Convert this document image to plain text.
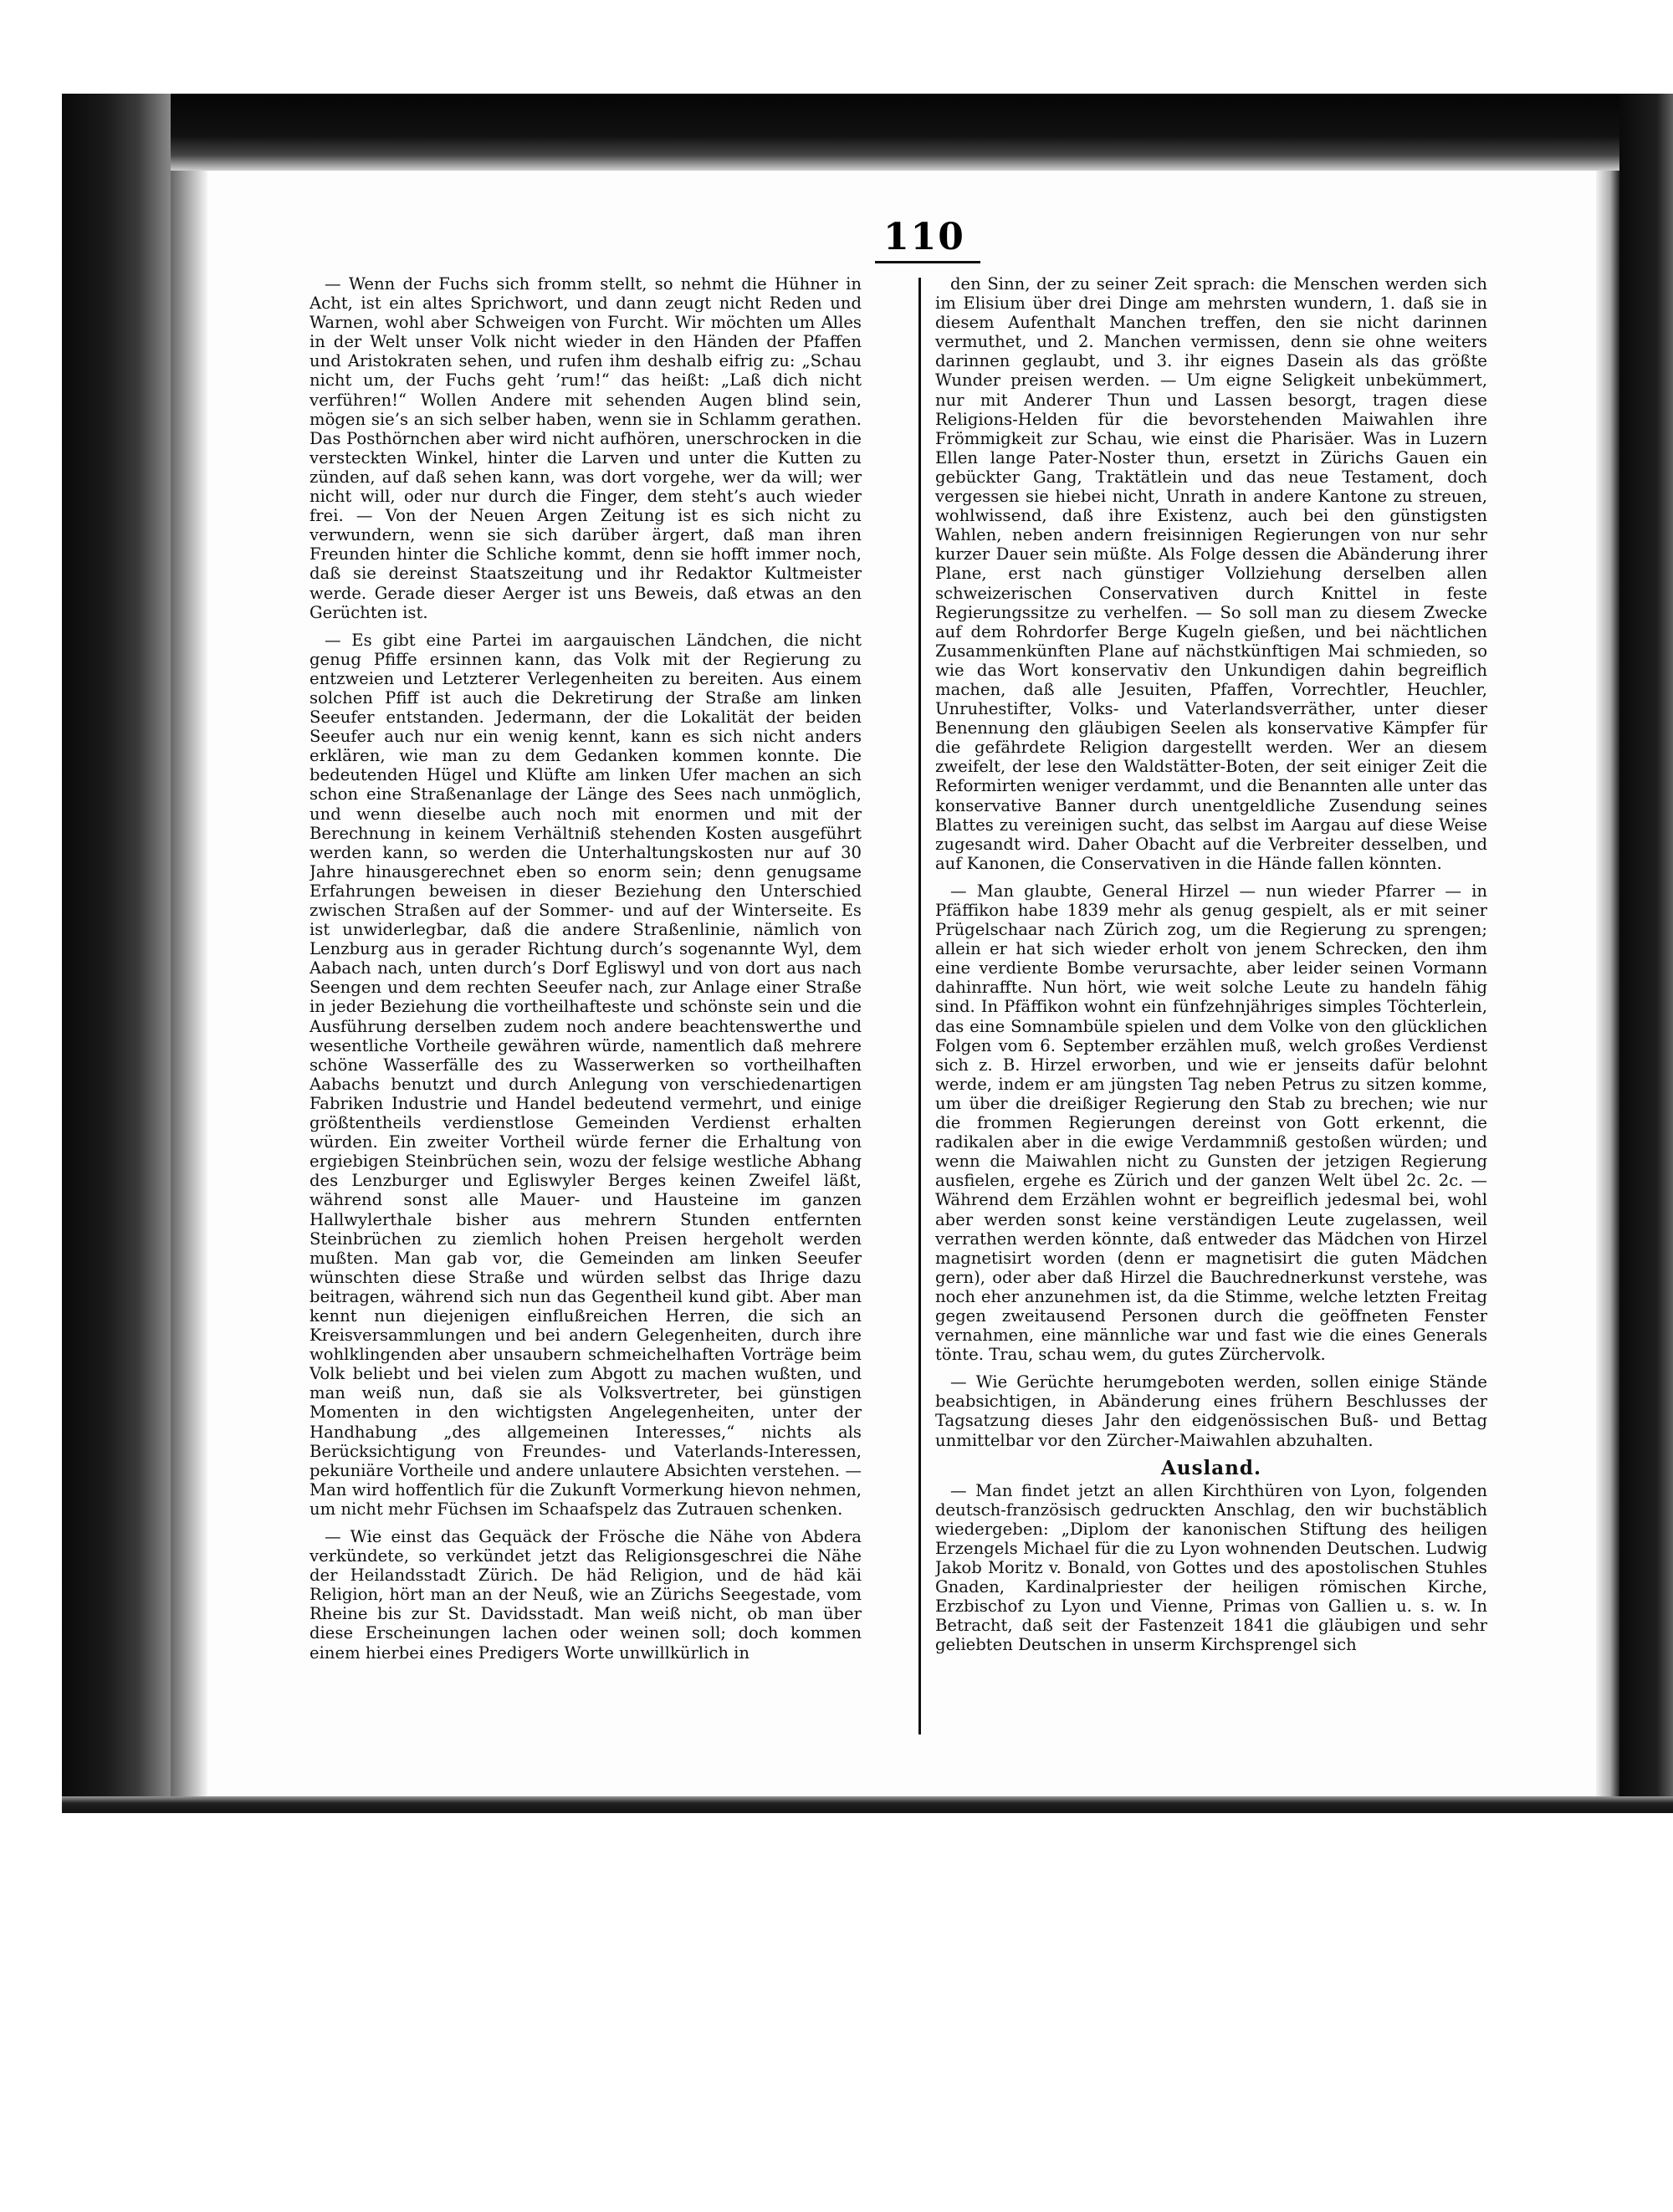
110

— Wenn der Fuchs sich fromm stellt, so nehmt die Hühner in Acht, ist ein altes Sprichwort, und dann zeugt nicht Reden und Warnen, wohl aber Schweigen von Furcht. Wir möchten um Alles in der Welt unser Volk nicht wieder in den Händen der Pfaffen und Aristokraten sehen, und rufen ihm deshalb eifrig zu: „Schau nicht um, der Fuchs geht ’rum!“ das heißt: „Laß dich nicht verführen!“ Wollen Andere mit sehenden Augen blind sein, mögen sie’s an sich selber haben, wenn sie in Schlamm gerathen. Das Posthörnchen aber wird nicht aufhören, unerschrocken in die versteckten Winkel, hinter die Larven und unter die Kutten zu zünden, auf daß sehen kann, was dort vorgehe, wer da will; wer nicht will, oder nur durch die Finger, dem steht’s auch wieder frei. — Von der Neuen Argen Zeitung ist es sich nicht zu verwundern, wenn sie sich darüber ärgert, daß man ihren Freunden hinter die Schliche kommt, denn sie hofft immer noch, daß sie dereinst Staatszeitung und ihr Redaktor Kultmeister werde. Gerade dieser Aerger ist uns Beweis, daß etwas an den Gerüchten ist.

— Es gibt eine Partei im aargauischen Ländchen, die nicht genug Pfiffe ersinnen kann, das Volk mit der Regierung zu entzweien und Letzterer Verlegenheiten zu bereiten. Aus einem solchen Pfiff ist auch die Dekretirung der Straße am linken Seeufer entstanden. Jedermann, der die Lokalität der beiden Seeufer auch nur ein wenig kennt, kann es sich nicht anders erklären, wie man zu dem Gedanken kommen konnte. Die bedeutenden Hügel und Klüfte am linken Ufer machen an sich schon eine Straßenanlage der Länge des Sees nach unmöglich, und wenn dieselbe auch noch mit enormen und mit der Berechnung in keinem Verhältniß stehenden Kosten ausgeführt werden kann, so werden die Unterhaltungskosten nur auf 30 Jahre hinausgerechnet eben so enorm sein; denn genugsame Erfahrungen beweisen in dieser Beziehung den Unterschied zwischen Straßen auf der Sommer- und auf der Winterseite. Es ist unwiderlegbar, daß die andere Straßenlinie, nämlich von Lenzburg aus in gerader Richtung durch’s sogenannte Wyl, dem Aabach nach, unten durch’s Dorf Egliswyl und von dort aus nach Seengen und dem rechten Seeufer nach, zur Anlage einer Straße in jeder Beziehung die vortheilhafteste und schönste sein und die Ausführung derselben zudem noch andere beachtenswerthe und wesentliche Vortheile gewähren würde, namentlich daß mehrere schöne Wasserfälle des zu Wasserwerken so vortheilhaften Aabachs benutzt und durch Anlegung von verschiedenartigen Fabriken Industrie und Handel bedeutend vermehrt, und einige größtentheils verdienstlose Gemeinden Verdienst erhalten würden. Ein zweiter Vortheil würde ferner die Erhaltung von ergiebigen Steinbrüchen sein, wozu der felsige westliche Abhang des Lenzburger und Egliswyler Berges keinen Zweifel läßt, während sonst alle Mauer- und Hausteine im ganzen Hallwylerthale bisher aus mehrern Stunden entfernten Steinbrüchen zu ziemlich hohen Preisen hergeholt werden mußten. Man gab vor, die Gemeinden am linken Seeufer wünschten diese Straße und würden selbst das Ihrige dazu beitragen, während sich nun das Gegentheil kund gibt. Aber man kennt nun diejenigen einflußreichen Herren, die sich an Kreisversammlungen und bei andern Gelegenheiten, durch ihre wohlklingenden aber unsaubern schmeichelhaften Vorträge beim Volk beliebt und bei vielen zum Abgott zu machen wußten, und man weiß nun, daß sie als Volksvertreter, bei günstigen Momenten in den wichtigsten Angelegenheiten, unter der Handhabung „des allgemeinen Interesses,“ nichts als Berücksichtigung von Freundes- und Vaterlands-Interessen, pekuniäre Vortheile und andere unlautere Absichten verstehen. — Man wird hoffentlich für die Zukunft Vormerkung hievon nehmen, um nicht mehr Füchsen im Schaafspelz das Zutrauen schenken.

— Wie einst das Gequäck der Frösche die Nähe von Abdera verkündete, so verkündet jetzt das Religionsgeschrei die Nähe der Heilandsstadt Zürich. De häd Religion, und de häd käi Religion, hört man an der Neuß, wie an Zürichs Seegestade, vom Rheine bis zur St. Davidsstadt. Man weiß nicht, ob man über diese Erscheinungen lachen oder weinen soll; doch kommen einem hierbei eines Predigers Worte unwillkürlich in

den Sinn, der zu seiner Zeit sprach: die Menschen werden sich im Elisium über drei Dinge am mehrsten wundern, 1. daß sie in diesem Aufenthalt Manchen treffen, den sie nicht darinnen vermuthet, und 2. Manchen vermissen, denn sie ohne weiters darinnen geglaubt, und 3. ihr eignes Dasein als das größte Wunder preisen werden. — Um eigne Seligkeit unbekümmert, nur mit Anderer Thun und Lassen besorgt, tragen diese Religions-Helden für die bevorstehenden Maiwahlen ihre Frömmigkeit zur Schau, wie einst die Pharisäer. Was in Luzern Ellen lange Pater-Noster thun, ersetzt in Zürichs Gauen ein gebückter Gang, Traktätlein und das neue Testament, doch vergessen sie hiebei nicht, Unrath in andere Kantone zu streuen, wohlwissend, daß ihre Existenz, auch bei den günstigsten Wahlen, neben andern freisinnigen Regierungen von nur sehr kurzer Dauer sein müßte. Als Folge dessen die Abänderung ihrer Plane, erst nach günstiger Vollziehung derselben allen schweizerischen Conservativen durch Knittel in feste Regierungssitze zu verhelfen. — So soll man zu diesem Zwecke auf dem Rohrdorfer Berge Kugeln gießen, und bei nächtlichen Zusammenkünften Plane auf nächstkünftigen Mai schmieden, so wie das Wort konservativ den Unkundigen dahin begreiflich machen, daß alle Jesuiten, Pfaffen, Vorrechtler, Heuchler, Unruhestifter, Volks- und Vaterlandsverräther, unter dieser Benennung den gläubigen Seelen als konservative Kämpfer für die gefährdete Religion dargestellt werden. Wer an diesem zweifelt, der lese den Waldstätter-Boten, der seit einiger Zeit die Reformirten weniger verdammt, und die Benannten alle unter das konservative Banner durch unentgeldliche Zusendung seines Blattes zu vereinigen sucht, das selbst im Aargau auf diese Weise zugesandt wird. Daher Obacht auf die Verbreiter desselben, und auf Kanonen, die Conservativen in die Hände fallen könnten.

— Man glaubte, General Hirzel — nun wieder Pfarrer — in Pfäffikon habe 1839 mehr als genug gespielt, als er mit seiner Prügelschaar nach Zürich zog, um die Regierung zu sprengen; allein er hat sich wieder erholt von jenem Schrecken, den ihm eine verdiente Bombe verursachte, aber leider seinen Vormann dahinraffte. Nun hört, wie weit solche Leute zu handeln fähig sind. In Pfäffikon wohnt ein fünfzehnjähriges simples Töchterlein, das eine Somnambüle spielen und dem Volke von den glücklichen Folgen vom 6. September erzählen muß, welch großes Verdienst sich z. B. Hirzel erworben, und wie er jenseits dafür belohnt werde, indem er am jüngsten Tag neben Petrus zu sitzen komme, um über die dreißiger Regierung den Stab zu brechen; wie nur die frommen Regierungen dereinst von Gott erkennt, die radikalen aber in die ewige Verdammniß gestoßen würden; und wenn die Maiwahlen nicht zu Gunsten der jetzigen Regierung ausfielen, ergehe es Zürich und der ganzen Welt übel 2c. 2c. — Während dem Erzählen wohnt er begreiflich jedesmal bei, wohl aber werden sonst keine verständigen Leute zugelassen, weil verrathen werden könnte, daß entweder das Mädchen von Hirzel magnetisirt worden (denn er magnetisirt die guten Mädchen gern), oder aber daß Hirzel die Bauchrednerkunst verstehe, was noch eher anzunehmen ist, da die Stimme, welche letzten Freitag gegen zweitausend Personen durch die geöffneten Fenster vernahmen, eine männliche war und fast wie die eines Generals tönte. Trau, schau wem, du gutes Zürchervolk.

— Wie Gerüchte herumgeboten werden, sollen einige Stände beabsichtigen, in Abänderung eines frühern Beschlusses der Tagsatzung dieses Jahr den eidgenössischen Buß- und Bettag unmittelbar vor den Zürcher-Maiwahlen abzuhalten.

Ausland.

— Man findet jetzt an allen Kirchthüren von Lyon, folgenden deutsch-französisch gedruckten Anschlag, den wir buchstäblich wiedergeben: „Diplom der kanonischen Stiftung des heiligen Erzengels Michael für die zu Lyon wohnenden Deutschen. Ludwig Jakob Moritz v. Bonald, von Gottes und des apostolischen Stuhles Gnaden, Kardinalpriester der heiligen römischen Kirche, Erzbischof zu Lyon und Vienne, Primas von Gallien u. s. w. In Betracht, daß seit der Fastenzeit 1841 die gläubigen und sehr geliebten Deutschen in unserm Kirchsprengel sich
